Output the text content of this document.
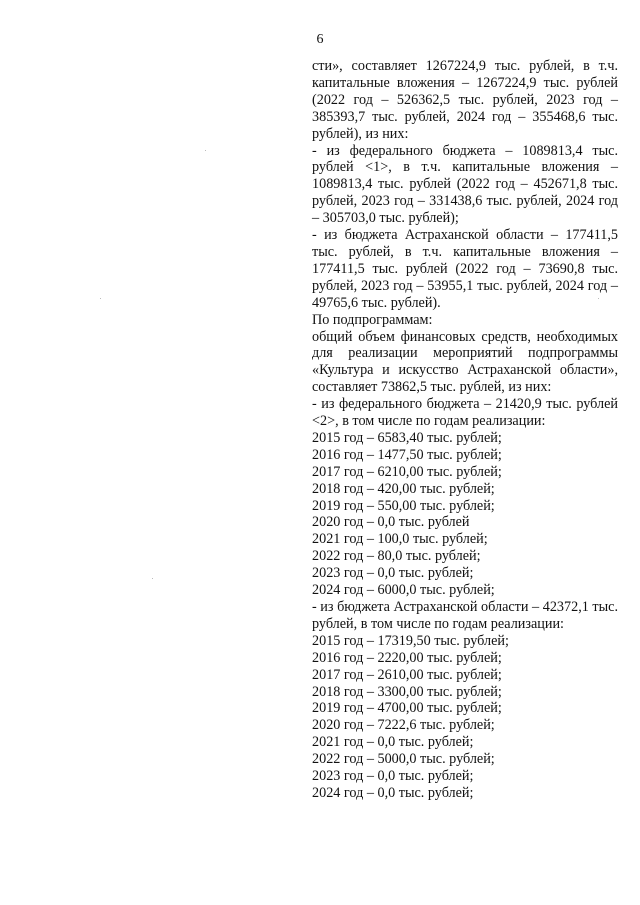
6

сти», составляет 1267224,9 тыс. рублей, в т.ч. капитальные вложения – 1267224,9 тыс. рублей (2022 год – 526362,5 тыс. рублей, 2023 год – 385393,7 тыс. рублей, 2024 год – 355468,6 тыс. рублей), из них:

- из федерального бюджета – 1089813,4 тыс. рублей <1>, в т.ч. капитальные вложения – 1089813,4 тыс. рублей (2022 год – 452671,8 тыс. рублей, 2023 год – 331438,6 тыс. рублей, 2024 год – 305703,0 тыс. рублей);

- из бюджета Астраханской области – 177411,5 тыс. рублей, в т.ч. капитальные вложения – 177411,5 тыс. рублей (2022 год – 73690,8 тыс. рублей, 2023 год – 53955,1 тыс. рублей, 2024 год – 49765,6 тыс. рублей).

По подпрограммам:

общий объем финансовых средств, необходимых для реализации мероприятий подпрограммы «Культура и искусство Астраханской области», составляет 73862,5 тыс. рублей, из них:

- из федерального бюджета – 21420,9 тыс. рублей <2>, в том числе по годам реализации:

2015 год – 6583,40 тыс. рублей;
2016 год – 1477,50 тыс. рублей;
2017 год – 6210,00 тыс. рублей;
2018 год – 420,00 тыс. рублей;
2019 год – 550,00 тыс. рублей;
2020 год – 0,0 тыс. рублей
2021 год – 100,0 тыс. рублей;
2022 год – 80,0 тыс. рублей;
2023 год – 0,0 тыс. рублей;
2024 год – 6000,0 тыс. рублей;

- из бюджета Астраханской области – 42372,1 тыс. рублей, в том числе по годам реализации:

2015 год – 17319,50 тыс. рублей;
2016 год – 2220,00 тыс. рублей;
2017 год – 2610,00 тыс. рублей;
2018 год – 3300,00 тыс. рублей;
2019 год – 4700,00 тыс. рублей;
2020 год – 7222,6 тыс. рублей;
2021 год – 0,0 тыс. рублей;
2022 год – 5000,0 тыс. рублей;
2023 год – 0,0 тыс. рублей;
2024 год – 0,0 тыс. рублей;
